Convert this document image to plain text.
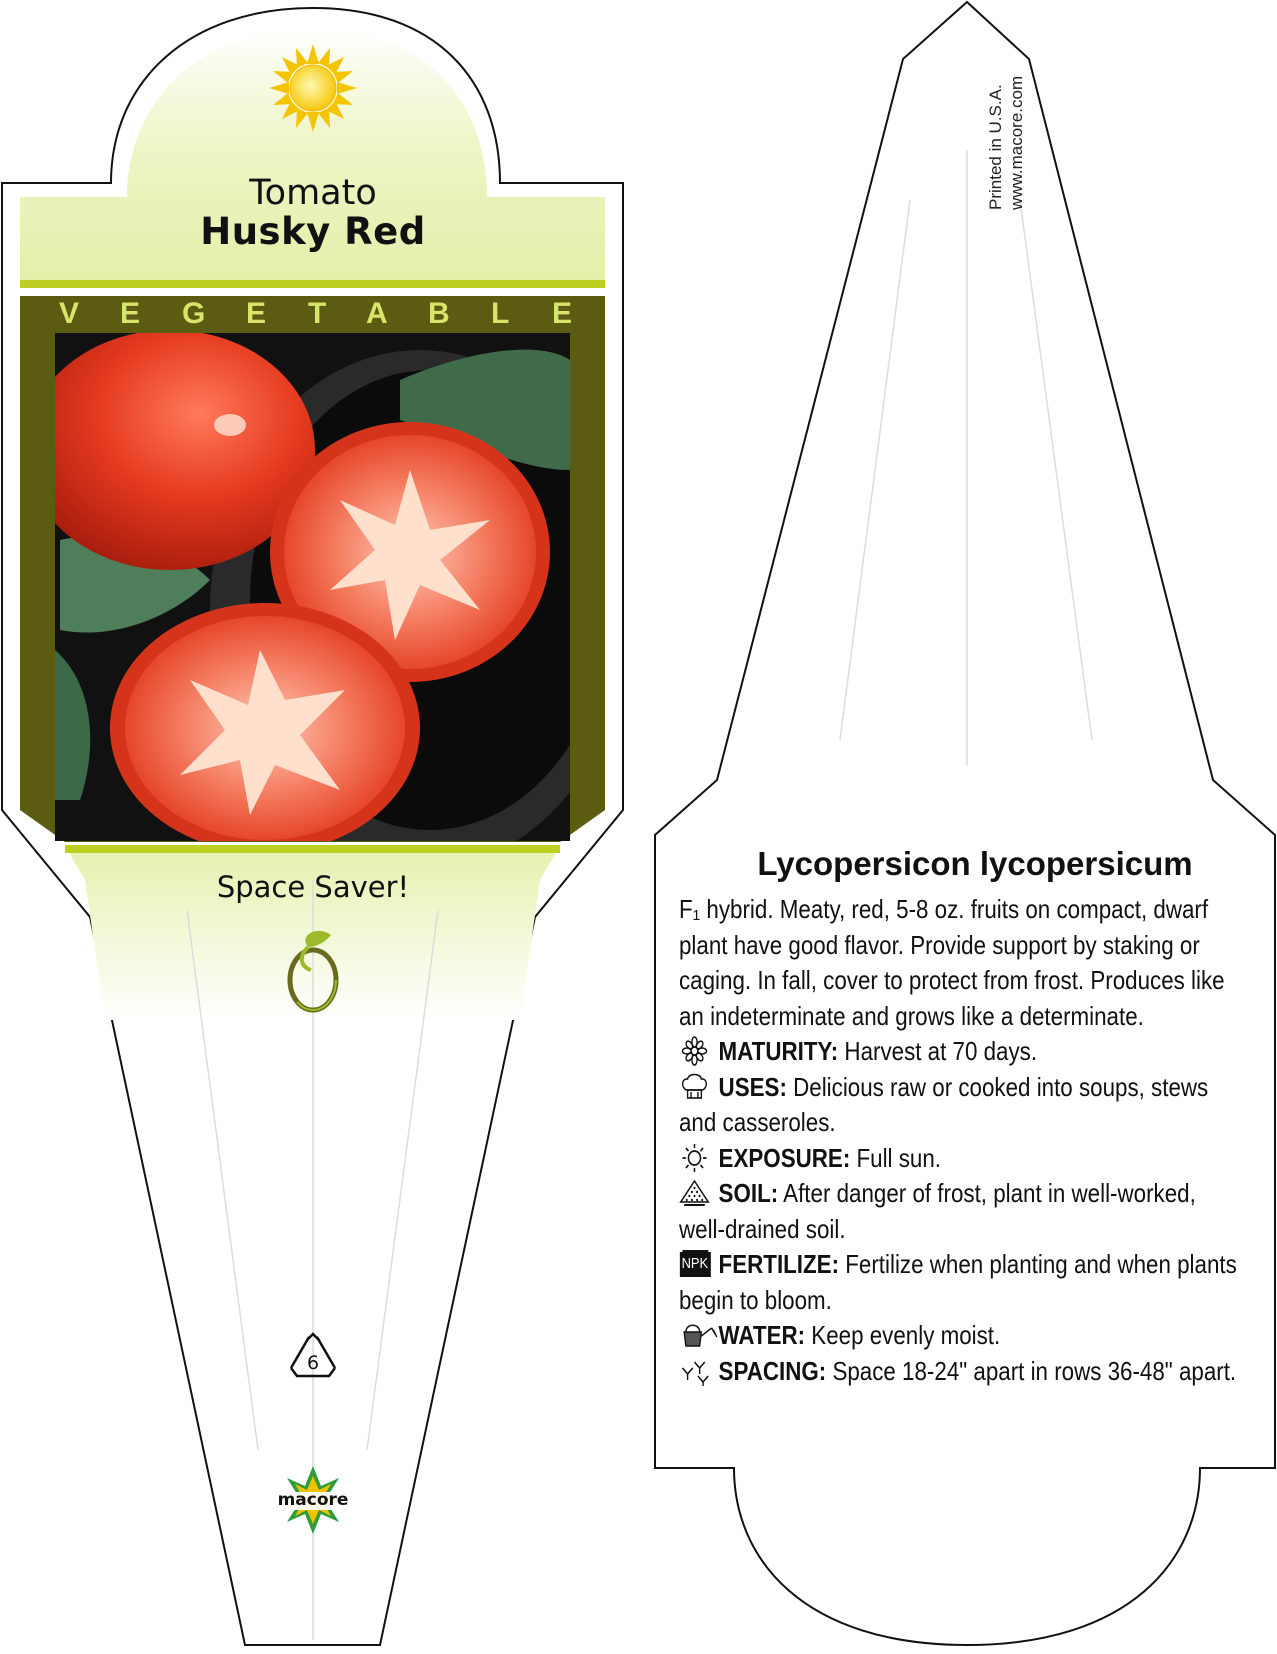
Tomato
Husky Red
V E G E T A B L E
Space Saver!
6
macore
Printed in U.S.A. www.macore.com
Lycopersicon lycopersicum
F₁ hybrid. Meaty, red, 5-8 oz. fruits on compact, dwarf plant have good flavor. Provide support by staking or caging. In fall, cover to protect from frost. Produces like an indeterminate and grows like a determinate.
MATURITY: Harvest at 70 days.
USES: Delicious raw or cooked into soups, stews and casseroles.
EXPOSURE: Full sun.
SOIL: After danger of frost, plant in well-worked, well-drained soil.
NPK FERTILIZE: Fertilize when planting and when plants begin to bloom.
WATER: Keep evenly moist.
SPACING: Space 18-24" apart in rows 36-48" apart.
